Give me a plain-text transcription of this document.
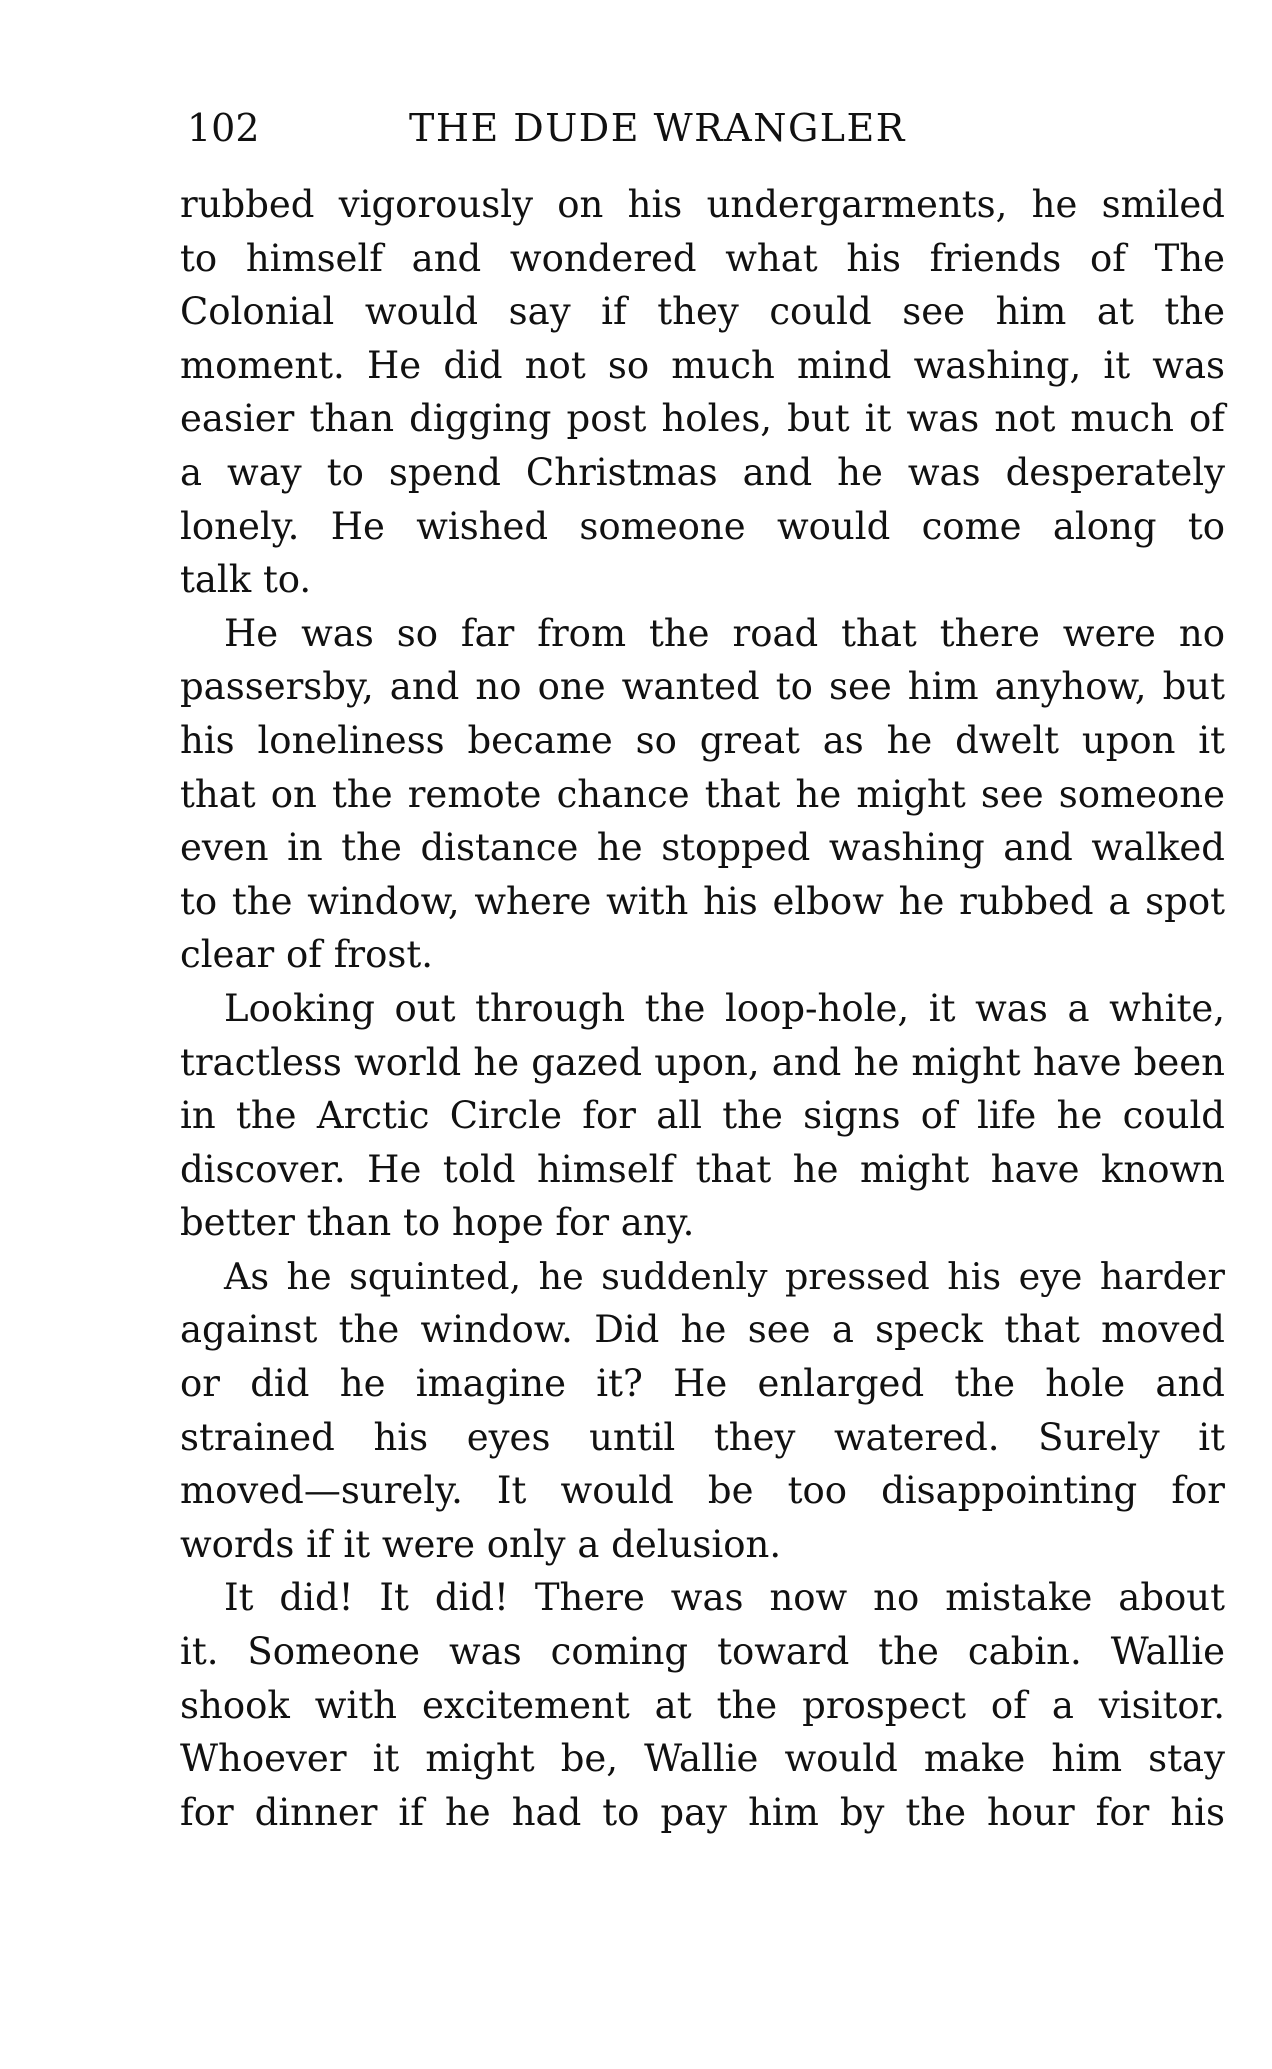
102	THE DUDE WRANGLER
rubbed vigorously on his undergarments, he smiled
to himself and wondered what his friends of The
Colonial would say if they could see him at the
moment. He did not so much mind washing, it was
easier than digging post holes, but it was not much of
a way to spend Christmas and he was desperately
lonely. He wished someone would come along to
talk to.
He was so far from the road that there were no
passersby, and no one wanted to see him anyhow, but
his loneliness became so great as he dwelt upon it
that on the remote chance that he might see someone
even in the distance he stopped washing and walked
to the window, where with his elbow he rubbed a spot
clear of frost.
Looking out through the loop-hole, it was a white,
tractless world he gazed upon, and he might have been
in the Arctic Circle for all the signs of life he could
discover. He told himself that he might have known
better than to hope for any.
As he squinted, he suddenly pressed his eye harder
against the window. Did he see a speck that moved
or did he imagine it? He enlarged the hole and
strained his eyes until they watered. Surely it
moved—surely. It would be too disappointing for
words if it were only a delusion.
It did! It did! There was now no mistake about
it. Someone was coming toward the cabin. Wallie
shook with excitement at the prospect of a visitor.
Whoever it might be, Wallie would make him stay
for dinner if he had to pay him by the hour for his
